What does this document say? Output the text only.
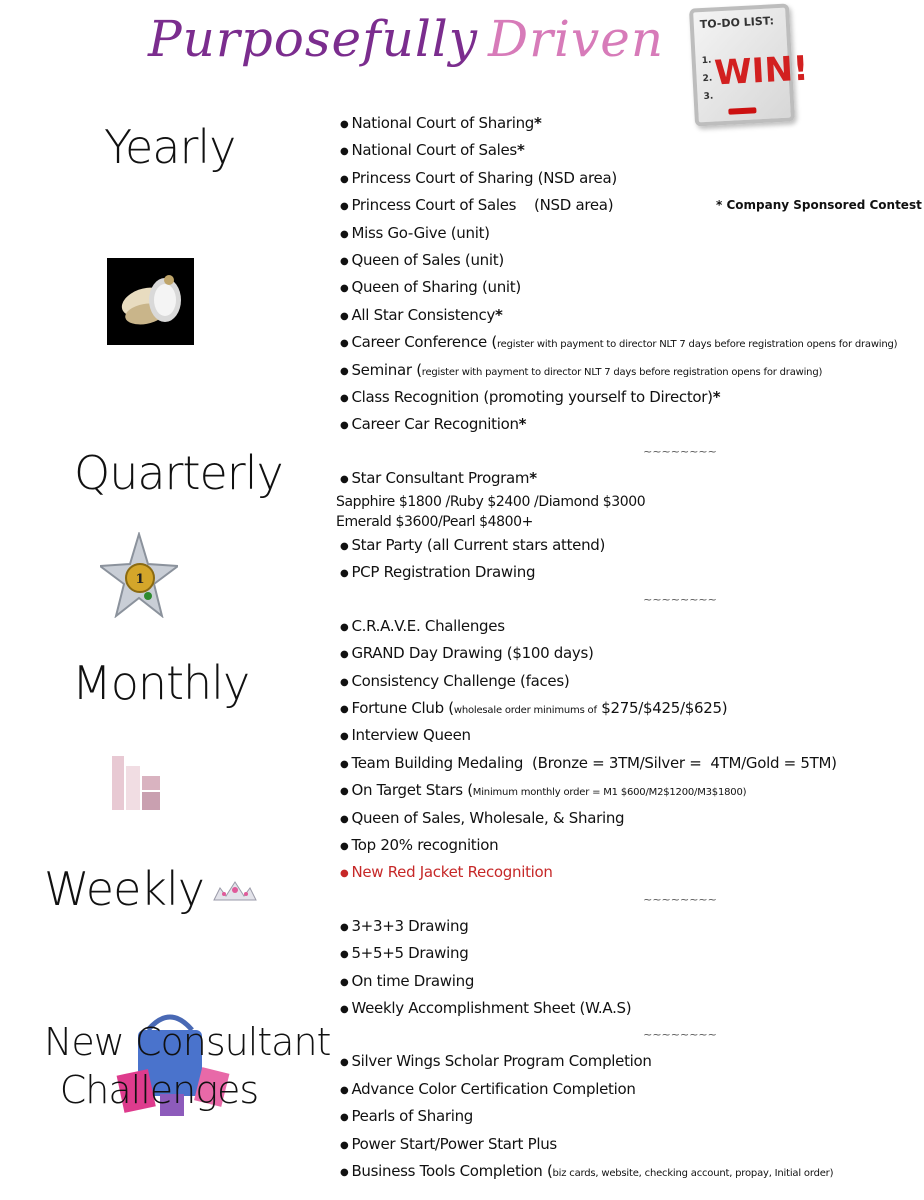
Purposefully Driven	TO-DO LIST:
1.
2.
3.
WIN!
* Company Sponsored Contest
Yearly
Quarterly
Monthly
Weekly
New Consultant
Challenges
1
● National Court of Sharing*
● National Court of Sales*
● Princess Court of Sharing (NSD area)
● Princess Court of Sales    (NSD area)
● Miss Go-Give (unit)
● Queen of Sales (unit)
● Queen of Sharing (unit)
● All Star Consistency*
● Career Conference (register with payment to director NLT 7 days before registration opens for drawing)
● Seminar (register with payment to director NLT 7 days before registration opens for drawing)
● Class Recognition (promoting yourself to Director)*
● Career Car Recognition*
~~~~~~~~
● Star Consultant Program*
Sapphire $1800 /Ruby $2400 /Diamond $3000
Emerald $3600/Pearl $4800+
● Star Party (all Current stars attend)
● PCP Registration Drawing
~~~~~~~~
● C.R.A.V.E. Challenges
● GRAND Day Drawing ($100 days)
● Consistency Challenge (faces)
● Fortune Club (wholesale order minimums of $275/$425/$625)
● Interview Queen
● Team Building Medaling  (Bronze = 3TM/Silver =  4TM/Gold = 5TM)
● On Target Stars (Minimum monthly order = M1 $600/M2$1200/M3$1800)
● Queen of Sales, Wholesale, & Sharing
● Top 20% recognition
● New Red Jacket Recognition
~~~~~~~~
● 3+3+3 Drawing
● 5+5+5 Drawing
● On time Drawing
● Weekly Accomplishment Sheet (W.A.S)
~~~~~~~~
● Silver Wings Scholar Program Completion
● Advance Color Certification Completion
● Pearls of Sharing
● Power Start/Power Start Plus
● Business Tools Completion (biz cards, website, checking account, propay, Initial order)
